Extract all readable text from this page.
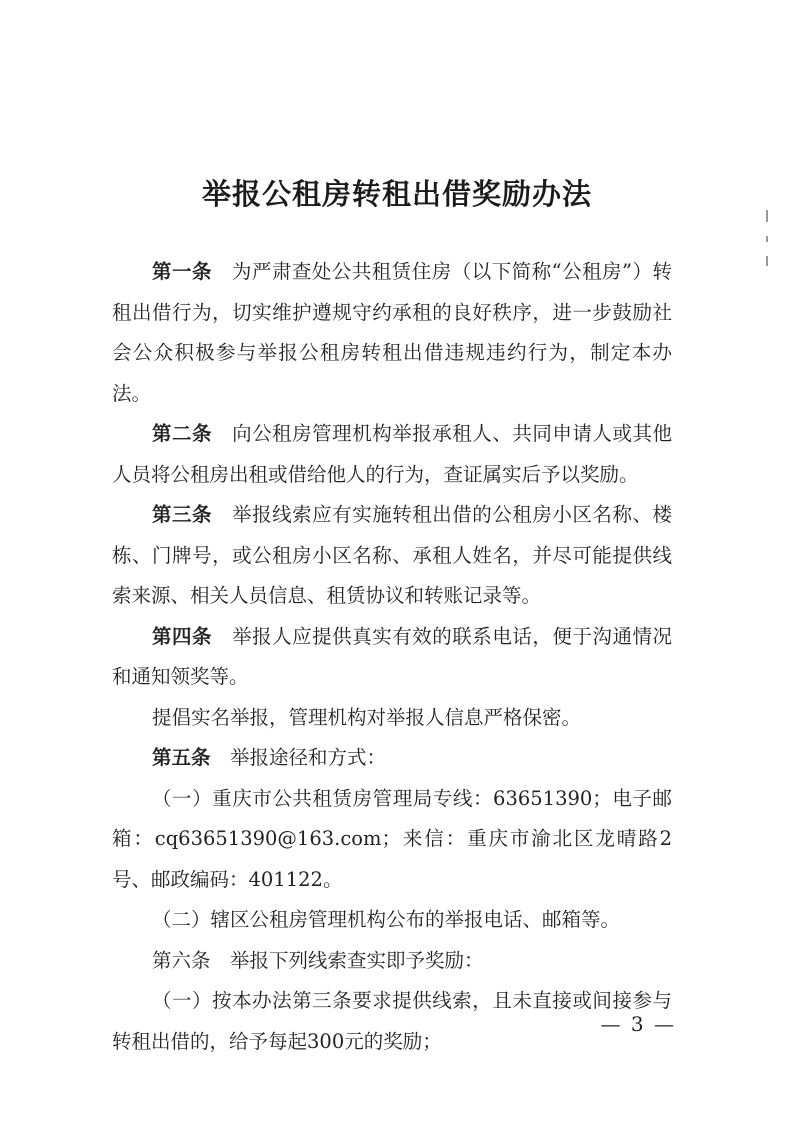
举报公租房转租出借奖励办法

第一条　为严肃查处公共租赁住房（以下简称“公租房”）转租出借行为，切实维护遵规守约承租的良好秩序，进一步鼓励社会公众积极参与举报公租房转租出借违规违约行为，制定本办法。

第二条　向公租房管理机构举报承租人、共同申请人或其他人员将公租房出租或借给他人的行为，查证属实后予以奖励。

第三条　举报线索应有实施转租出借的公租房小区名称、楼栋、门牌号，或公租房小区名称、承租人姓名，并尽可能提供线索来源、相关人员信息、租赁协议和转账记录等。

第四条　举报人应提供真实有效的联系电话，便于沟通情况和通知领奖等。

提倡实名举报，管理机构对举报人信息严格保密。

第五条　举报途径和方式：

（一）重庆市公共租赁房管理局专线：63651390；电子邮箱：cq63651390@163.com；来信：重庆市渝北区龙晴路2号、邮政编码：401122。

（二）辖区公租房管理机构公布的举报电话、邮箱等。

第六条　举报下列线索查实即予奖励：

（一）按本办法第三条要求提供线索，且未直接或间接参与转租出借的，给予每起300元的奖励；

— 3 —
